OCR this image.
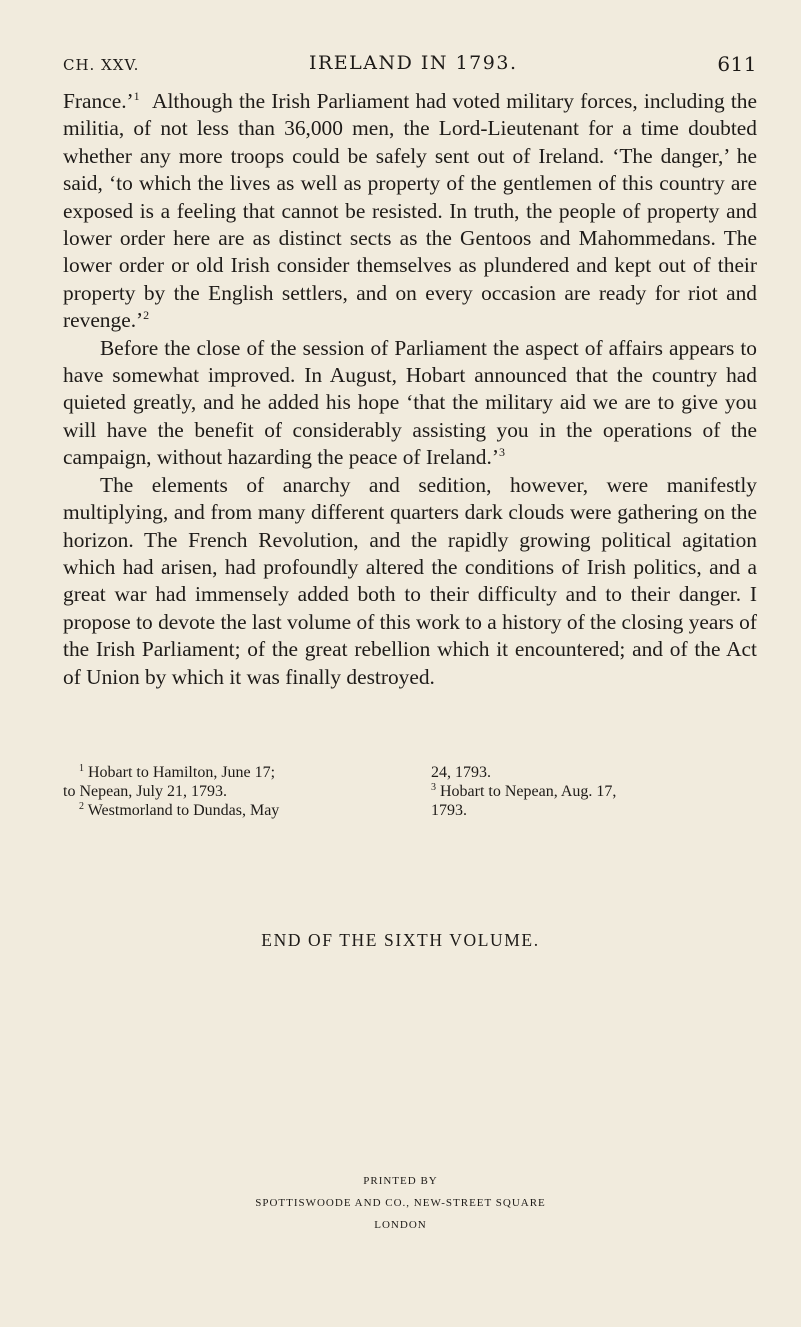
CH. XXV.	IRELAND IN 1793.	611

France.’$^1$ Although the Irish Parliament had voted military forces, including the militia, of not less than 36,000 men, the Lord-Lieutenant for a time doubted whether any more troops could be safely sent out of Ireland. ‘The danger,’ he said, ‘to which the lives as well as property of the gentlemen of this country are exposed is a feeling that cannot be resisted. In truth, the people of property and lower order here are as distinct sects as the Gentoos and Mahommedans. The lower order or old Irish consider themselves as plundered and kept out of their property by the English settlers, and on every occasion are ready for riot and revenge.’$^2$

Before the close of the session of Parliament the aspect of affairs appears to have somewhat improved. In August, Hobart announced that the country had quieted greatly, and he added his hope ‘that the military aid we are to give you will have the benefit of considerably assisting you in the operations of the campaign, without hazarding the peace of Ireland.’$^3$

The elements of anarchy and sedition, however, were manifestly multiplying, and from many different quarters dark clouds were gathering on the horizon. The French Revolution, and the rapidly growing political agitation which had arisen, had profoundly altered the conditions of Irish politics, and a great war had immensely added both to their difficulty and to their danger. I propose to devote the last volume of this work to a history of the closing years of the Irish Parliament; of the great rebellion which it encountered; and of the Act of Union by which it was finally destroyed.

$^1$ Hobart to Hamilton, June 17;	24, 1793.
to Nepean, July 21, 1793.	$^3$ Hobart to Nepean, Aug. 17,
$^2$ Westmorland to Dundas, May	1793.
END OF THE SIXTH VOLUME.
PRINTED BY
SPOTTISWOODE AND CO., NEW-STREET SQUARE
LONDON
